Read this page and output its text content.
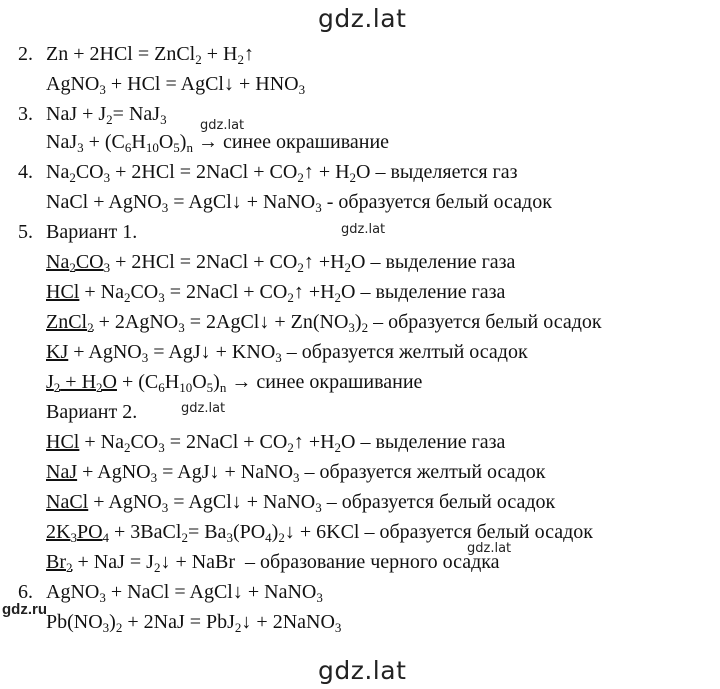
gdz.lat
2. Zn + 2HCl = ZnCl$_2$ + $H_2↑$
AgNO$_3$ + HCl = AgCl↓ + $HNO_3$
3. NaJ + $J_2= NaJ_3$	gdz.lat
$NaJ_3 + (C_6H_{10}O_5)_n$ → синее окрашивание
4. $Na_2CO_3 + 2HCl$ = 2NaCl + $CO_2↑ + H_2O$ – выделяется газ
NaCl + AgNO$_3$ = AgCl↓ + NaNO$_3$ - образуется белый осадок
5. Вариант 1.	gdz.lat
$Na_2CO_3 + 2HCl$ = 2NaCl + $CO_2↑ +H_2O$ – выделение газа
HCl + $Na_2CO_3$ = 2NaCl + $CO_2↑ +H_2O$ – выделение газа
ZnCl$_2$ + 2AgNO$_3$ = 2AgCl↓ + $Zn(NO_3)_2$ – образуется белый осадок
KJ + AgNO$_3$ = AgJ↓ + $KNO_3$ – образуется желтый осадок
$J_2 + H_2O + (C_6H_{10}O_5)_n$ → синее окрашивание
Вариант 2.	gdz.lat
HCl + $Na_2CO_3$ = 2NaCl + $CO_2↑ +H_2O$ – выделение газа
NaJ + AgNO$_3$ = AgJ↓ + NaNO$_3$ – образуется желтый осадок
NaCl + AgNO$_3$ = AgCl↓ + NaNO$_3$ – образуется белый осадок
$2K_3PO_4$ + 3BaCl$_2$= $Ba_3(PO_4)_2↓ + 6KCl$ – образуется белый осадок
$Br_2$ + NaJ = $J_2↓$ + NaBr  – образование черного осадка
gdz.lat
6. AgNO$_3$ + NaCl = AgCl↓ + NaNO$_3$
gdz.ru
$Pb(NO_3)_2 + 2NaJ$ = PbJ$_2$↓ + 2NaNO$_3$
gdz.lat
